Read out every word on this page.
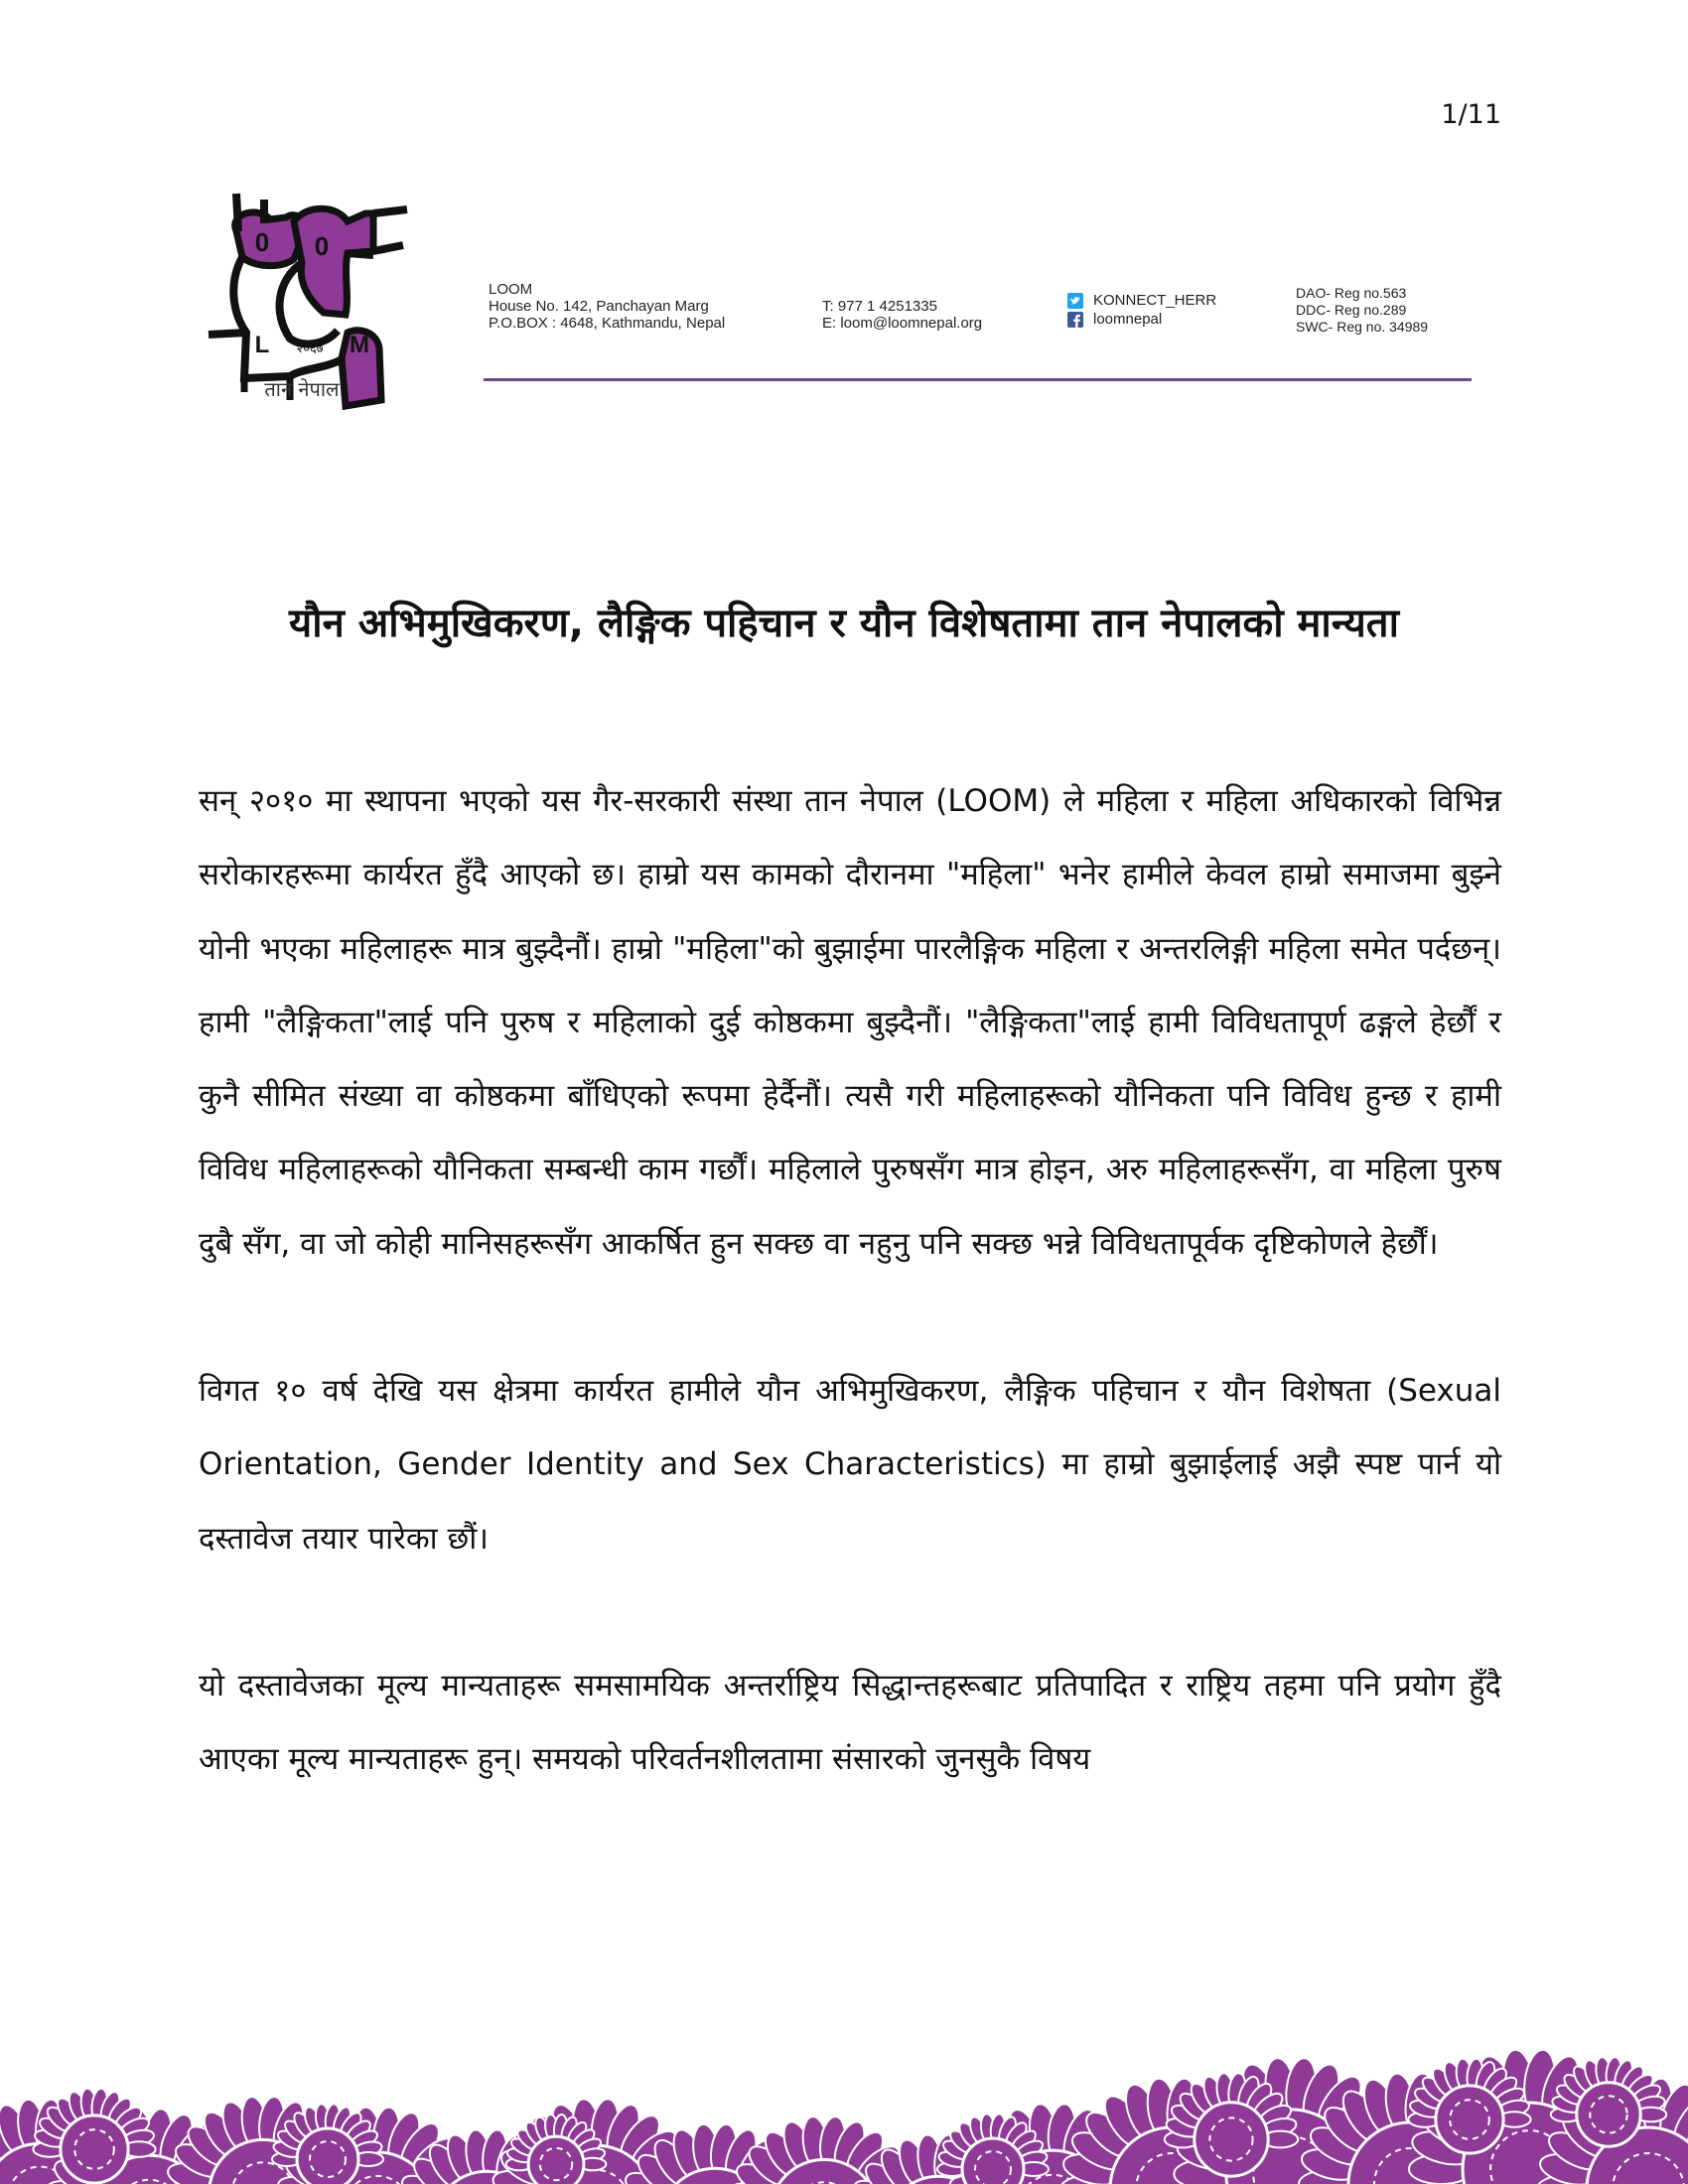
1/11
0 0
L	M
२०६७
तान नेपाल
LOOM
House No. 142, Panchayan Marg
P.O.BOX : 4648, Kathmandu, Nepal
T: 977 1 4251335
E: loom@loomnepal.org
KONNECT_HERR
loomnepal
DAO- Reg no.563
DDC- Reg no.289
SWC- Reg no. 34989
यौन अभिमुखिकरण, लैङ्गिक पहिचान र यौन विशेषतामा तान नेपालको मान्यता

सन् २०१० मा स्थापना भएको यस गैर-सरकारी संस्था तान नेपाल (LOOM) ले महिला र महिला अधिकारको विभिन्न सरोकारहरूमा कार्यरत हुँदै आएको छ। हाम्रो यस कामको दौरानमा "महिला" भनेर हामीले केवल हाम्रो समाजमा बुझ्ने योनी भएका महिलाहरू मात्र बुझ्दैनौं। हाम्रो "महिला"को बुझाईमा पारलैङ्गिक महिला र अन्तरलिङ्गी महिला समेत पर्दछन्। हामी "लैङ्गिकता"लाई पनि पुरुष र महिलाको दुई कोष्ठकमा बुझ्दैनौं। "लैङ्गिकता"लाई हामी विविधतापूर्ण ढङ्गले हेर्छौं र कुनै सीमित संख्या वा कोष्ठकमा बाँधिएको रूपमा हेर्दैनौं। त्यसै गरी महिलाहरूको यौनिकता पनि विविध हुन्छ र हामी विविध महिलाहरूको यौनिकता सम्बन्धी काम गर्छौं। महिलाले पुरुषसँग मात्र होइन, अरु महिलाहरूसँग, वा महिला पुरुष दुबै सँग, वा जो कोही मानिसहरूसँग आकर्षित हुन सक्छ वा नहुनु पनि सक्छ भन्ने विविधतापूर्वक दृष्टिकोणले हेर्छौं।

विगत १० वर्ष देखि यस क्षेत्रमा कार्यरत हामीले यौन अभिमुखिकरण, लैङ्गिक पहिचान र यौन विशेषता (Sexual Orientation, Gender Identity and Sex Characteristics) मा हाम्रो बुझाईलाई अझै स्पष्ट पार्न यो दस्तावेज तयार पारेका छौं।

यो दस्तावेजका मूल्य मान्यताहरू समसामयिक अन्तर्राष्ट्रिय सिद्धान्तहरूबाट प्रतिपादित र राष्ट्रिय तहमा पनि प्रयोग हुँदै आएका मूल्य मान्यताहरू हुन्। समयको परिवर्तनशीलतामा संसारको जुनसुकै विषय
